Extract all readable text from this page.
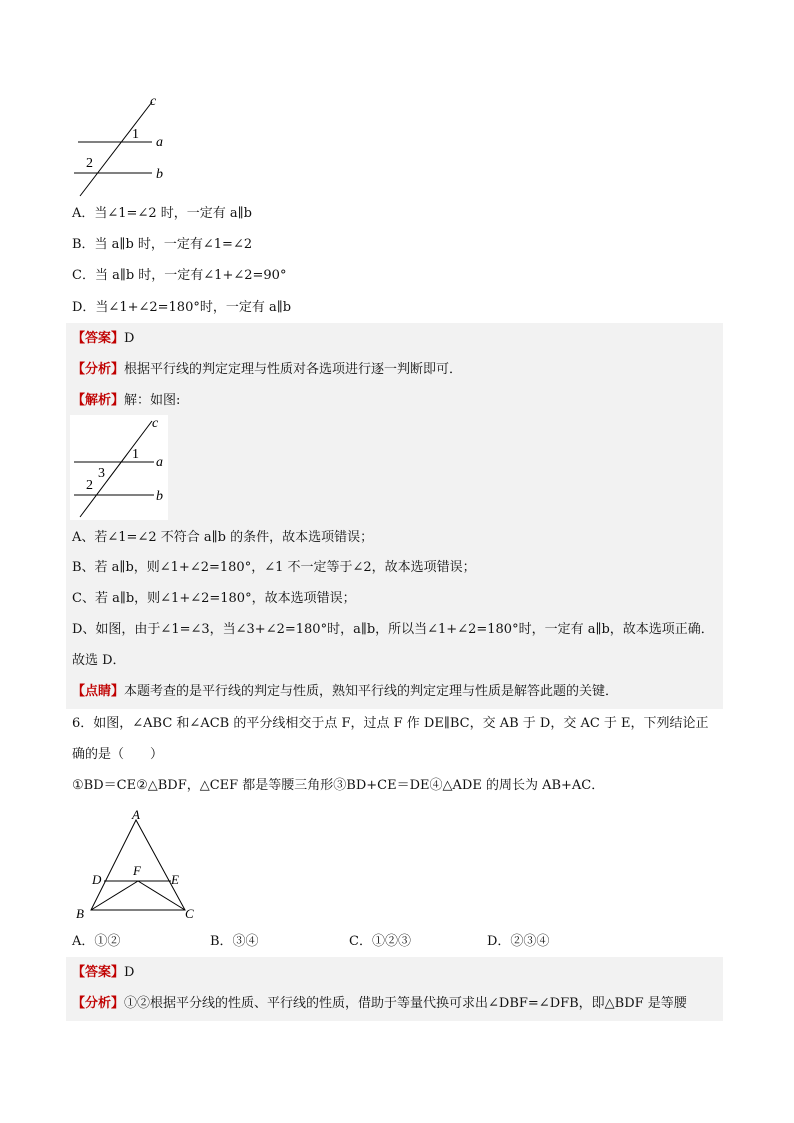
c
1
a
2
b
A．当∠1=∠2 时，一定有 a∥b
B．当 a∥b 时，一定有∠1=∠2
C．当 a∥b 时，一定有∠1+∠2=90°
D．当∠1+∠2=180°时，一定有 a∥b
【答案】D
【分析】根据平行线的判定定理与性质对各选项进行逐一判断即可．
【解析】解：如图:
c
1
a
3
2
b
A、若∠1=∠2 不符合 a∥b 的条件，故本选项错误；
B、若 a∥b，则∠1+∠2=180°，∠1 不一定等于∠2，故本选项错误；
C、若 a∥b，则∠1+∠2=180°，故本选项错误；
D、如图，由于∠1=∠3，当∠3+∠2=180°时，a∥b，所以当∠1+∠2=180°时，一定有 a∥b，故本选项正确．
故选 D．
【点睛】本题考查的是平行线的判定与性质，熟知平行线的判定定理与性质是解答此题的关键．
6．如图，∠ABC 和∠ACB 的平分线相交于点 F，过点 F 作 DE∥BC，交 AB 于 D，交 AC 于 E，下列结论正
确的是（　　）
①BD＝CE②△BDF，△CEF 都是等腰三角形③BD+CE＝DE④△ADE 的周长为 AB+AC．
A
D
F
E
B	C
A．①②	B．③④	C．①②③	D．②③④
【答案】D
【分析】①②根据平分线的性质、平行线的性质，借助于等量代换可求出∠DBF=∠DFB，即△BDF 是等腰
